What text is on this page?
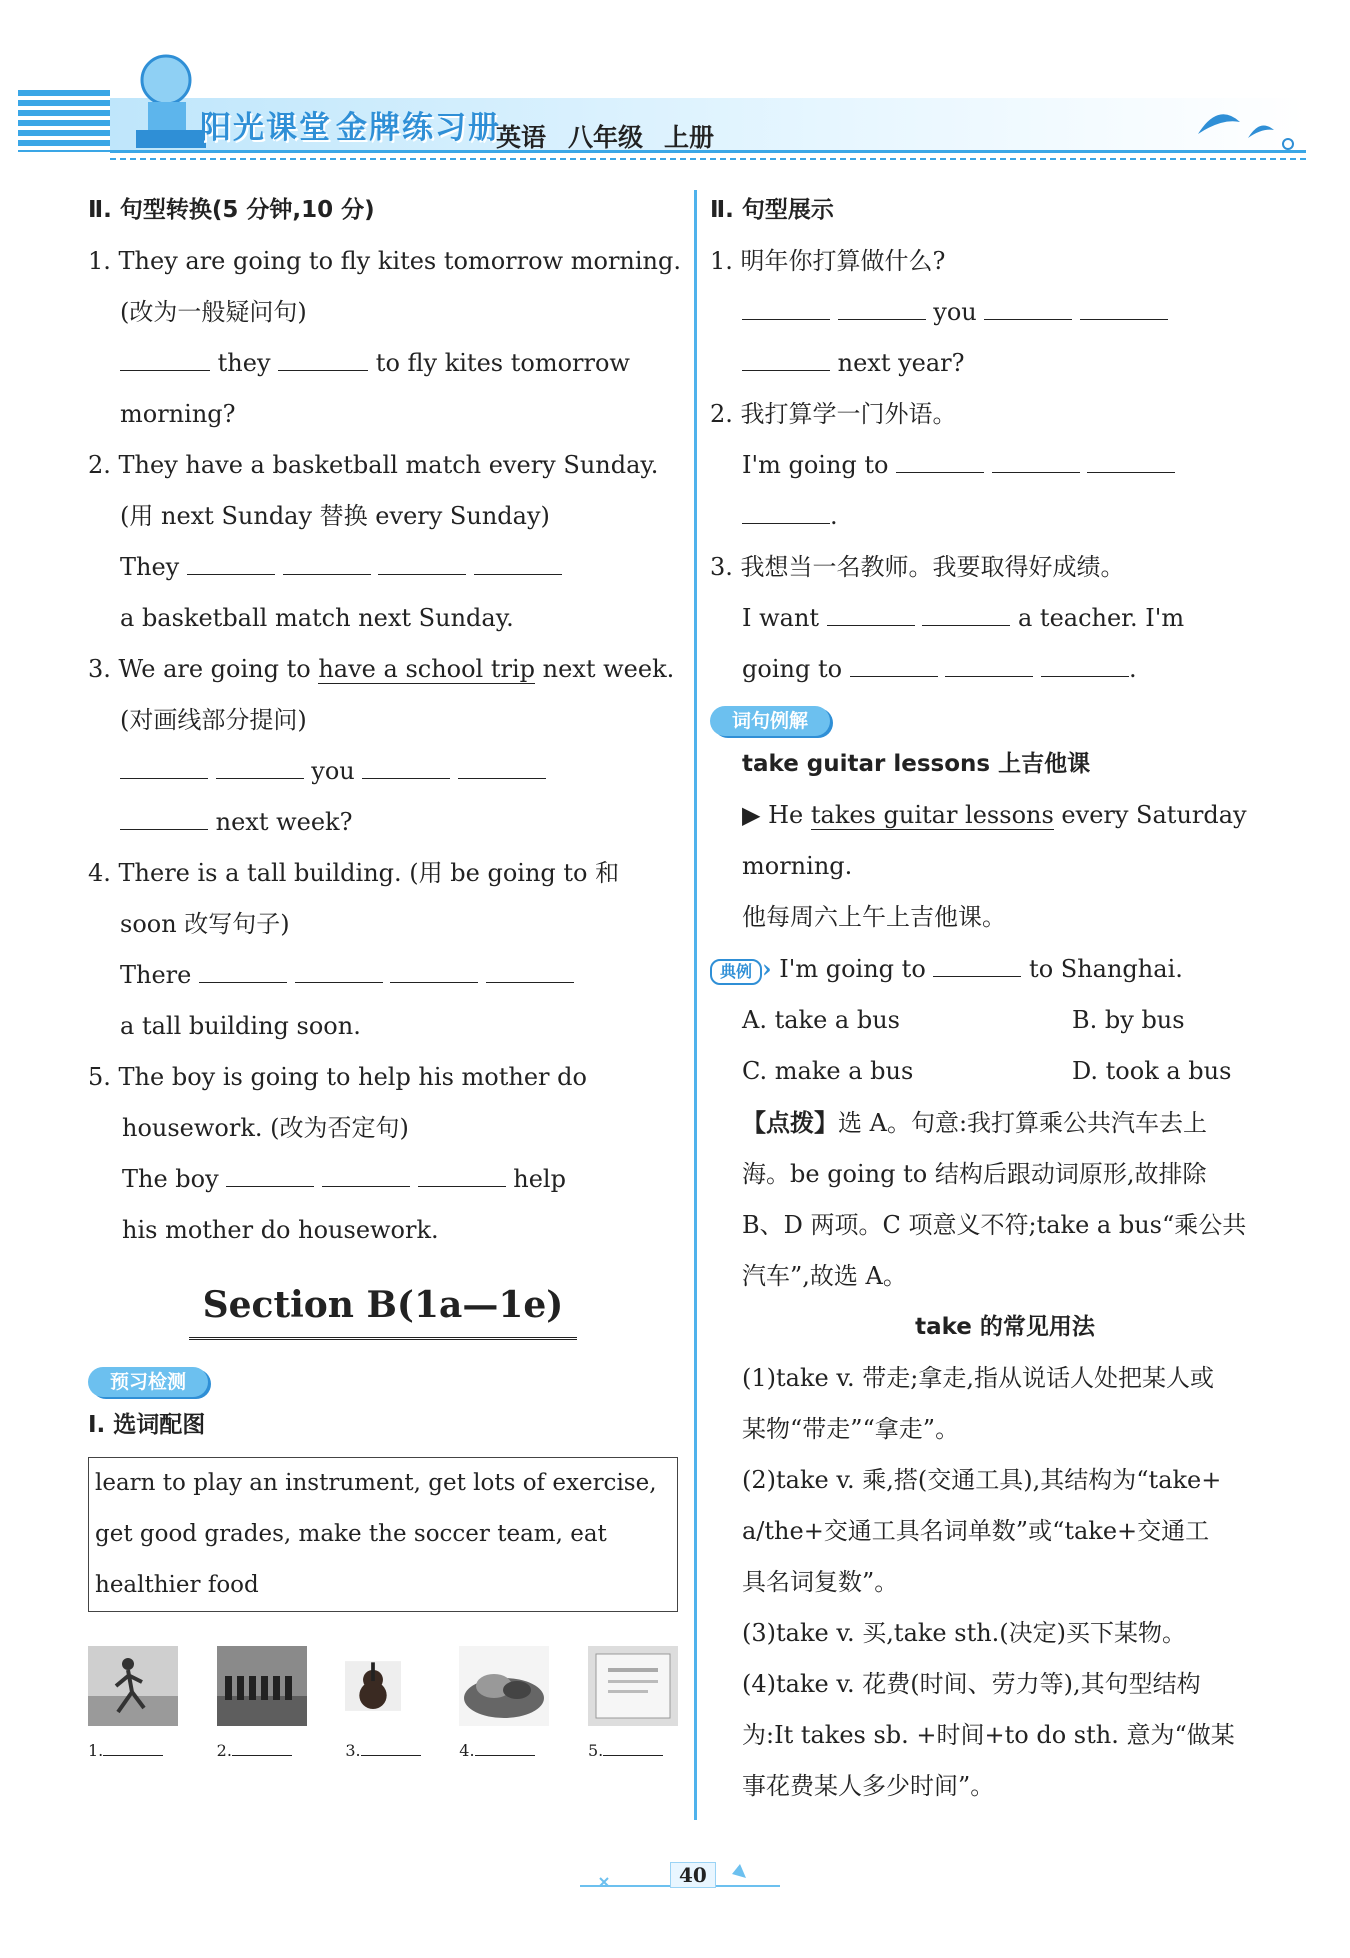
阳光课堂 金牌练习册
英语 八年级 上册
Ⅱ. 句型转换(5 分钟,10 分)
1. They are going to fly kites tomorrow morning.
(改为一般疑问句)
they	to fly kites tomorrow
morning?
2. They have a basketball match every Sunday.
(用 next Sunday 替换 every Sunday)
They
a basketball match next Sunday.
3. We are going to have a school trip next week.
(对画线部分提问)
you
next week?
4. There is a tall building. (用 be going to 和
soon 改写句子)
There
a tall building soon.
5. The boy is going to help his mother do
housework. (改为否定句)
The boy	help
his mother do housework.
Section B(1a—1e)
预习检测
Ⅰ. 选词配图
learn to play an instrument, get lots of exercise, get good grades, make the soccer team, eat healthier food
1.	2.	3.	4.	5.
Ⅱ. 句型展示
1. 明年你打算做什么?
you
next year?
2. 我打算学一门外语。
I'm going to
.
3. 我想当一名教师。我要取得好成绩。
I want	a teacher. I'm
going to	.
词句例解
take guitar lessons 上吉他课
▶ He takes guitar lessons every Saturday
morning.
他每周六上午上吉他课。
典例 › I'm going to	to Shanghai.
A. take a bus	B. by bus
C. make a bus	D. took a bus
【点拨】选 A。句意:我打算乘公共汽车去上
海。be going to 结构后跟动词原形,故排除
B、D 两项。C 项意义不符;take a bus“乘公共
汽车”,故选 A。
take 的常见用法
(1)take v. 带走;拿走,指从说话人处把某人或
某物“带走”“拿走”。
(2)take v. 乘,搭(交通工具),其结构为“take+
a/the+交通工具名词单数”或“take+交通工
具名词复数”。
(3)take v. 买,take sth.(决定)买下某物。
(4)take v. 花费(时间、劳力等),其句型结构
为:It takes sb. +时间+to do sth. 意为“做某
事花费某人多少时间”。
40
